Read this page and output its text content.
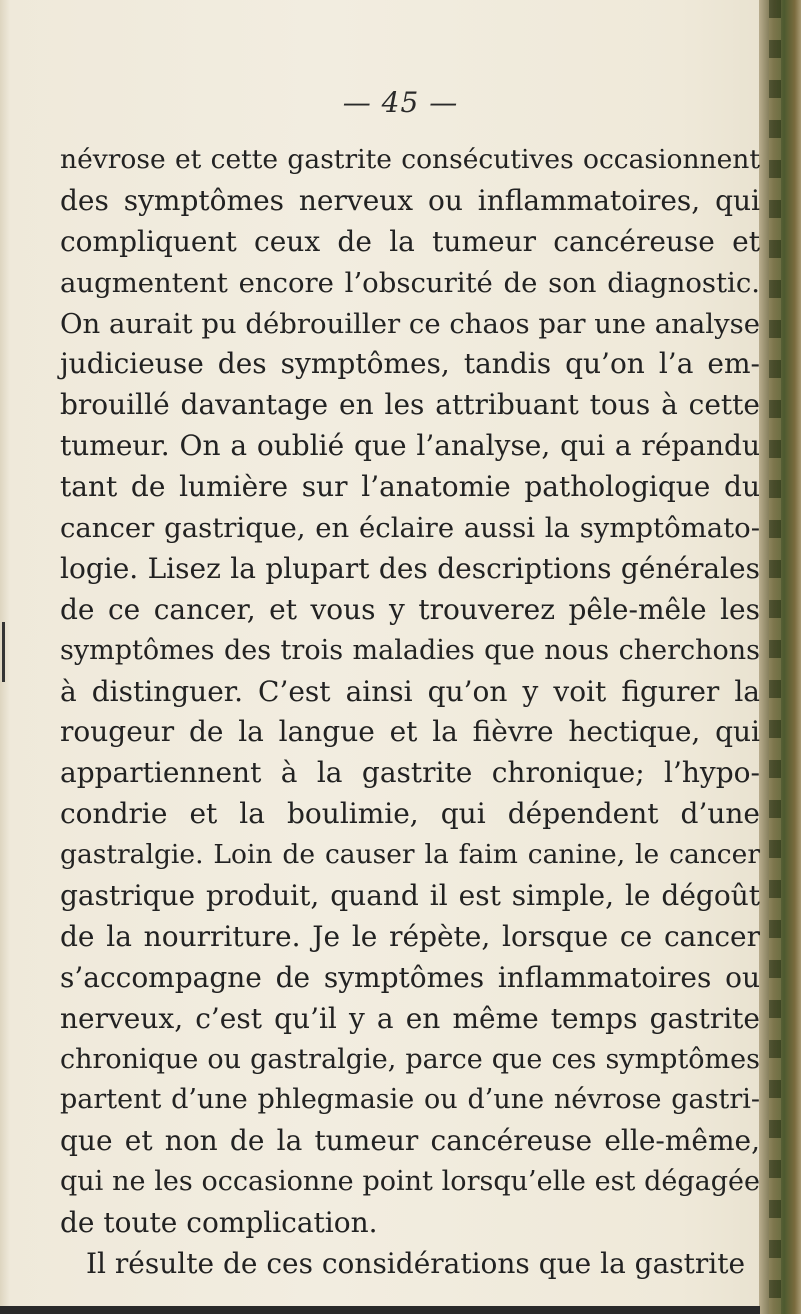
— 45 —
névrose et cette gastrite consécutives occasionnent
des symptômes nerveux ou inflammatoires, qui
compliquent ceux de la tumeur cancéreuse et
augmentent encore l’obscurité de son diagnostic.
On aurait pu débrouiller ce chaos par une analyse
judicieuse des symptômes, tandis qu’on l’a em-
brouillé davantage en les attribuant tous à cette
tumeur. On a oublié que l’analyse, qui a répandu
tant de lumière sur l’anatomie pathologique du
cancer gastrique, en éclaire aussi la symptômato-
logie. Lisez la plupart des descriptions générales
de ce cancer, et vous y trouverez pêle-mêle les
symptômes des trois maladies que nous cherchons
à distinguer. C’est ainsi qu’on y voit figurer la
rougeur de la langue et la fièvre hectique, qui
appartiennent à la gastrite chronique; l’hypo-
condrie et la boulimie, qui dépendent d’une
gastralgie. Loin de causer la faim canine, le cancer
gastrique produit, quand il est simple, le dégoût
de la nourriture. Je le répète, lorsque ce cancer
s’accompagne de symptômes inflammatoires ou
nerveux, c’est qu’il y a en même temps gastrite
chronique ou gastralgie, parce que ces symptômes
partent d’une phlegmasie ou d’une névrose gastri-
que et non de la tumeur cancéreuse elle-même,
qui ne les occasionne point lorsqu’elle est dégagée
de toute complication.
Il résulte de ces considérations que la gastrite
